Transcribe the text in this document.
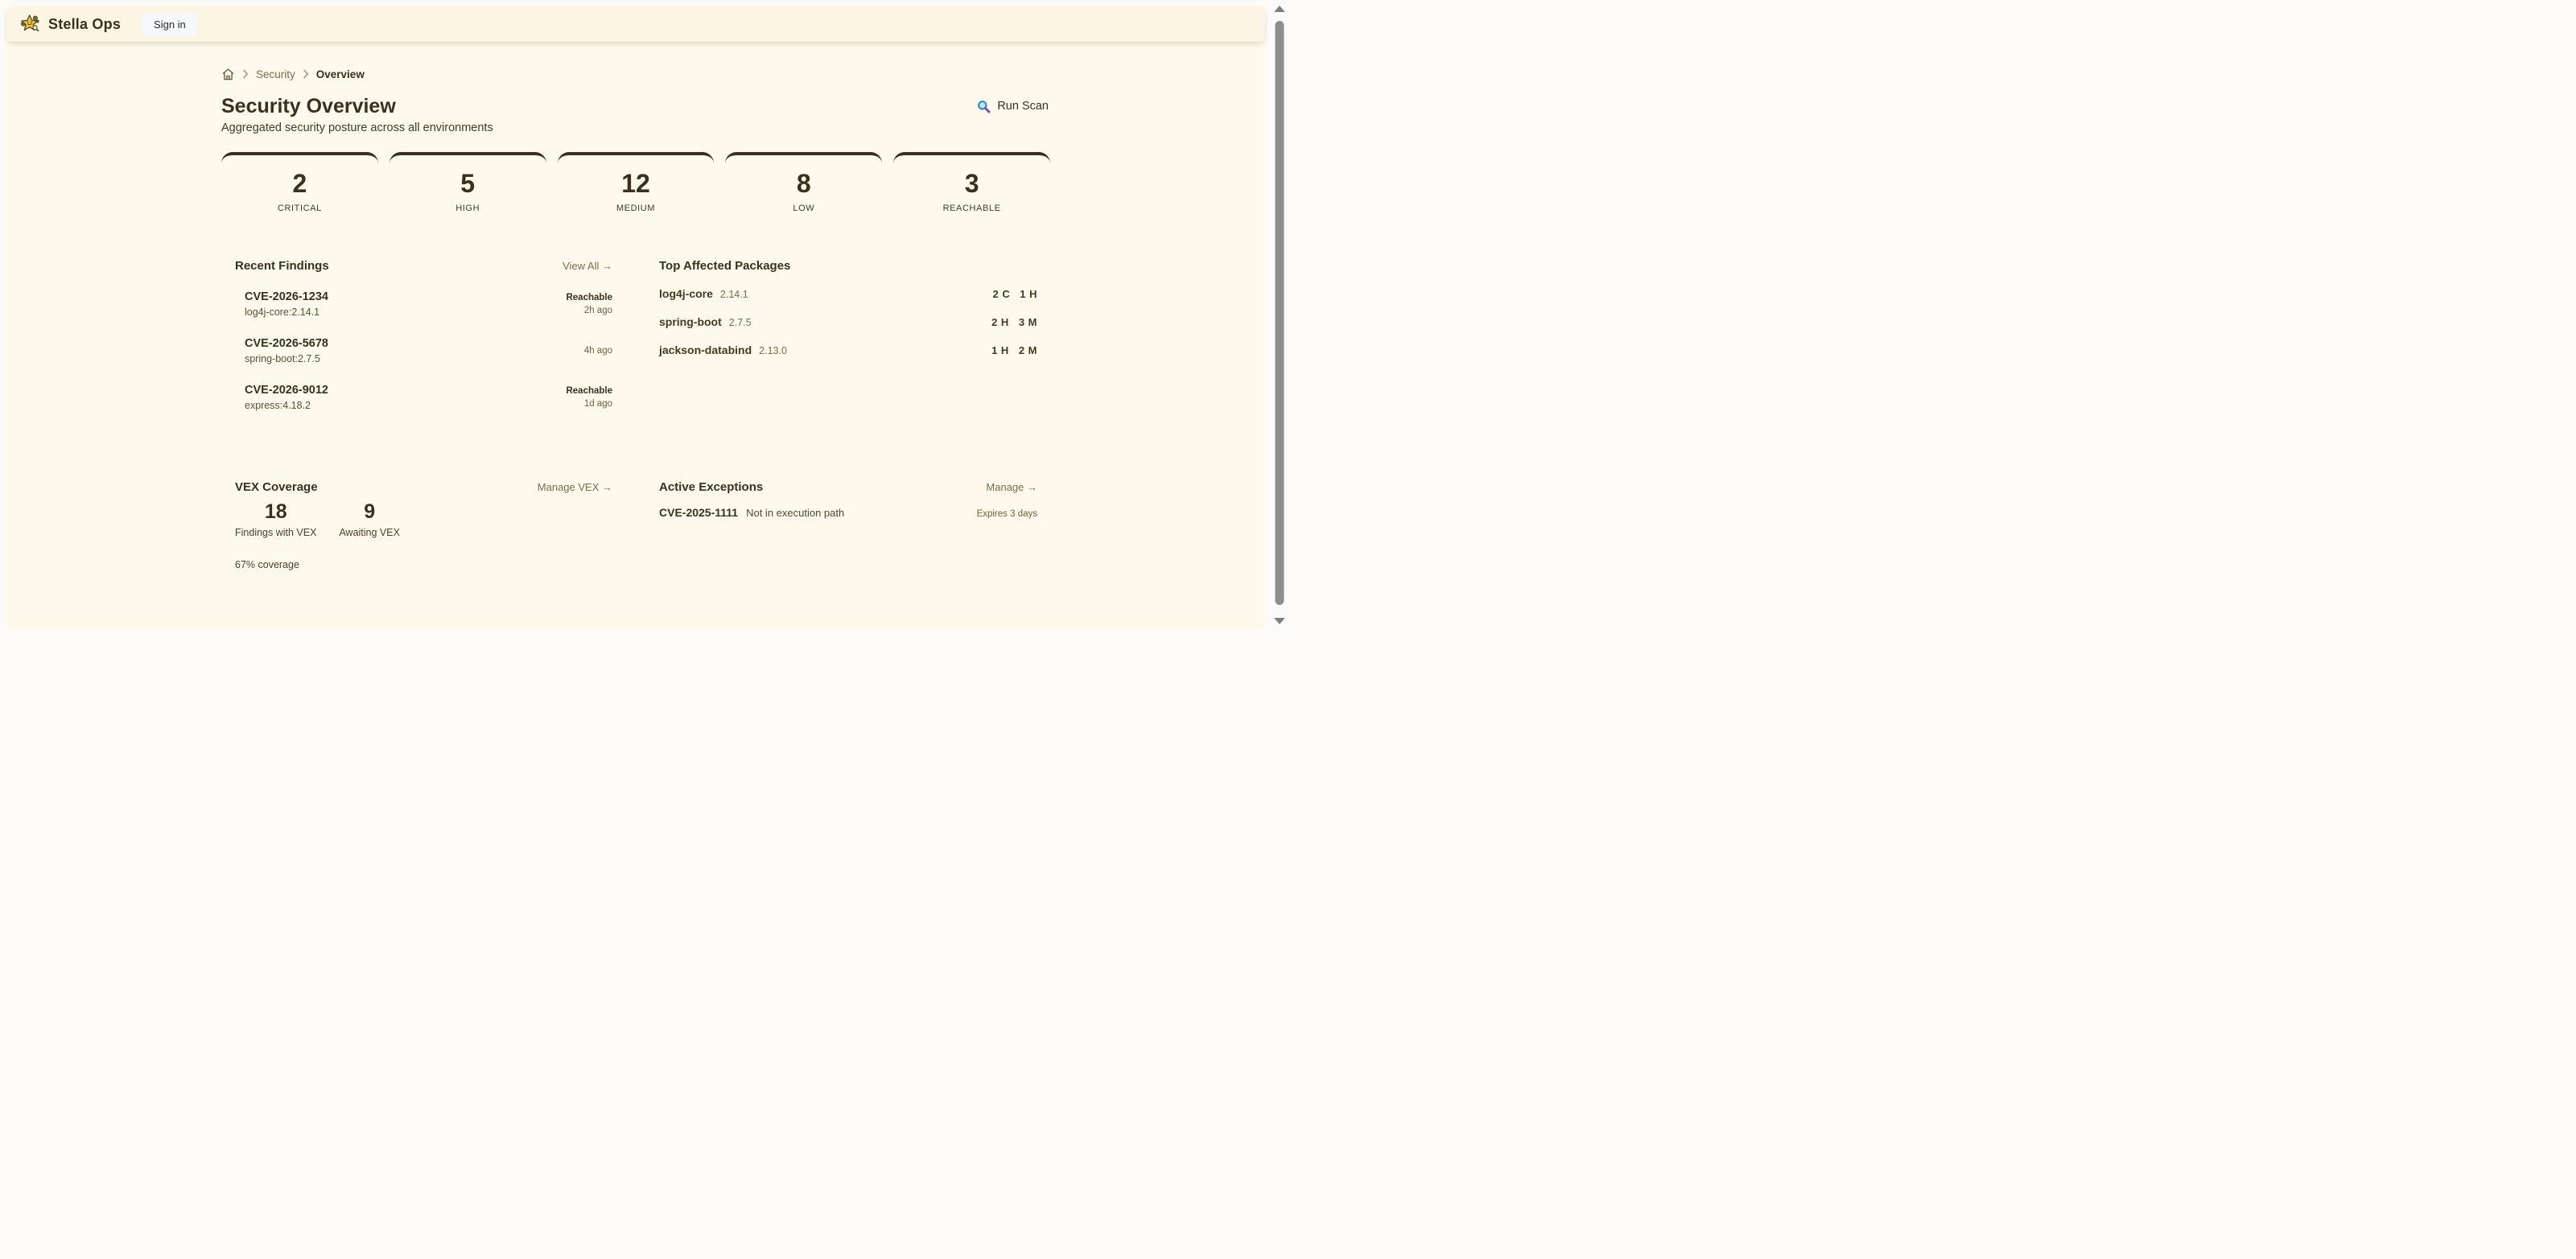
Stella Ops	Sign in
Security Overview
Security Overview	Run Scan
Aggregated security posture across all environments
2
CRITICAL
5
HIGH
12
MEDIUM
8
LOW
3
REACHABLE
Recent Findings	View All →
CVE-2026-1234
log4j-core:2.14.1
Reachable
2h ago
CVE-2026-5678
spring-boot:2.7.5
4h ago
CVE-2026-9012
express:4.18.2
Reachable
1d ago
Top Affected Packages
log4j-core 2.14.1	2 C 1 H
spring-boot 2.7.5	2 H 3 M
jackson-databind 2.13.0	1 H 2 M
VEX Coverage	Manage VEX →
18
Findings with VEX
9
Awaiting VEX
67% coverage
Active Exceptions	Manage →
CVE-2025-1111 Not in execution path	Expires 3 days
